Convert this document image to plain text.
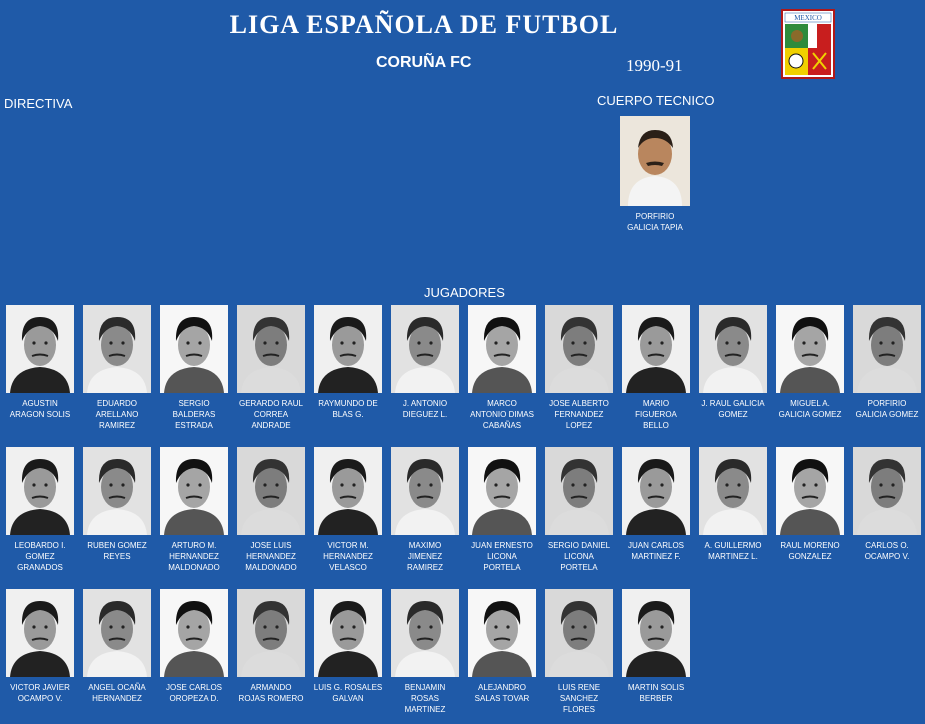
LIGA ESPAÑOLA DE FUTBOL
CORUÑA FC	1990-91
MEXICO
DIRECTIVA	CUERPO TECNICO
JUGADORES
PORFIRIO
GALICIA TAPIA
AGUSTIN
ARAGON SOLIS
EDUARDO
ARELLANO
RAMIREZ
SERGIO
BALDERAS
ESTRADA
GERARDO RAUL
CORREA
ANDRADE
RAYMUNDO DE
BLAS G.
J. ANTONIO
DIEGUEZ L.
MARCO
ANTONIO DIMAS
CABAÑAS
JOSE ALBERTO
FERNANDEZ
LOPEZ
MARIO
FIGUEROA
BELLO
J. RAUL GALICIA
GOMEZ
MIGUEL A.
GALICIA GOMEZ
PORFIRIO
GALICIA GOMEZ
LEOBARDO I.
GOMEZ
GRANADOS
RUBEN GOMEZ
REYES
ARTURO M.
HERNANDEZ
MALDONADO
JOSE LUIS
HERNANDEZ
MALDONADO
VICTOR M.
HERNANDEZ
VELASCO
MAXIMO
JIMENEZ
RAMIREZ
JUAN ERNESTO
LICONA
PORTELA
SERGIO DANIEL
LICONA
PORTELA
JUAN CARLOS
MARTINEZ F.
A. GUILLERMO
MARTINEZ L.
RAUL MORENO
GONZALEZ
CARLOS O.
OCAMPO V.
VICTOR JAVIER
OCAMPO V.
ANGEL OCAÑA
HERNANDEZ
JOSE CARLOS
OROPEZA D.
ARMANDO
ROJAS ROMERO
LUIS G. ROSALES
GALVAN
BENJAMIN
ROSAS
MARTINEZ
ALEJANDRO
SALAS TOVAR
LUIS RENE
SANCHEZ
FLORES
MARTIN SOLIS
BERBER
